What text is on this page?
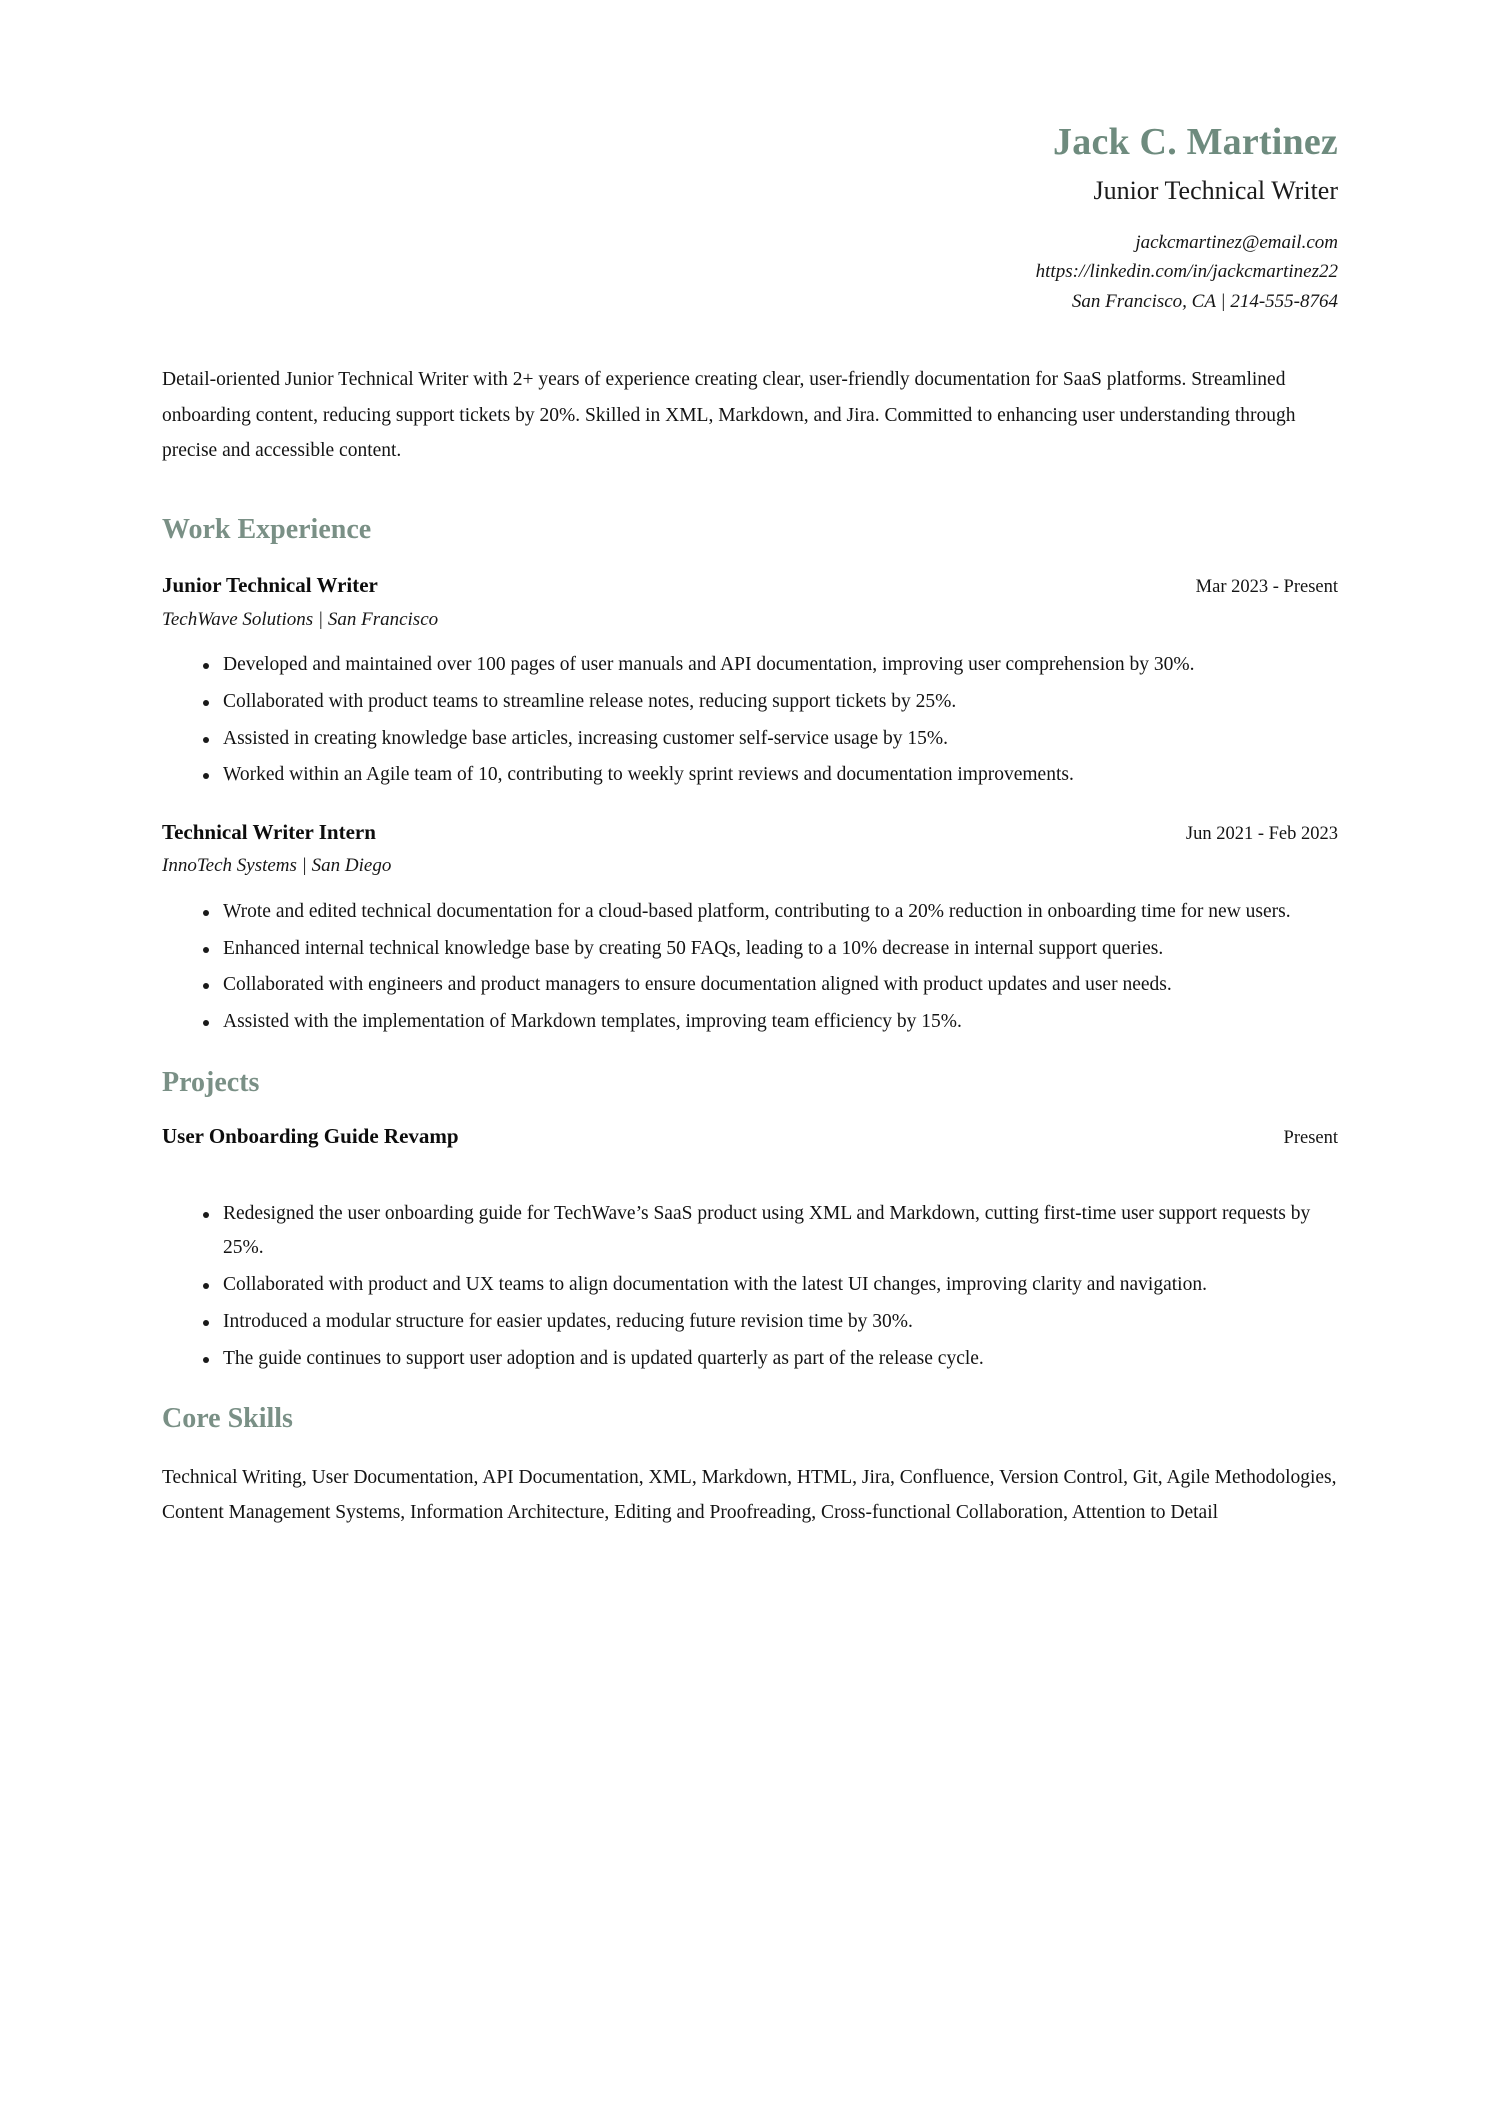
Jack C. Martinez
Junior Technical Writer
jackcmartinez@email.com
https://linkedin.com/in/jackcmartinez22
San Francisco, CA | 214-555-8764

Detail-oriented Junior Technical Writer with 2+ years of experience creating clear, user-friendly documentation for SaaS platforms. Streamlined onboarding content, reducing support tickets by 20%. Skilled in XML, Markdown, and Jira. Committed to enhancing user understanding through precise and accessible content.

Work Experience
Junior Technical Writer	Mar 2023 - Present
TechWave Solutions | San Francisco
Developed and maintained over 100 pages of user manuals and API documentation, improving user comprehension by 30%.
Collaborated with product teams to streamline release notes, reducing support tickets by 25%.
Assisted in creating knowledge base articles, increasing customer self-service usage by 15%.
Worked within an Agile team of 10, contributing to weekly sprint reviews and documentation improvements.
Technical Writer Intern	Jun 2021 - Feb 2023
InnoTech Systems | San Diego
Wrote and edited technical documentation for a cloud-based platform, contributing to a 20% reduction in onboarding time for new users.
Enhanced internal technical knowledge base by creating 50 FAQs, leading to a 10% decrease in internal support queries.
Collaborated with engineers and product managers to ensure documentation aligned with product updates and user needs.
Assisted with the implementation of Markdown templates, improving team efficiency by 15%.
Projects
User Onboarding Guide Revamp	Present
Redesigned the user onboarding guide for TechWave’s SaaS product using XML and Markdown, cutting first-time user support requests by 25%.
Collaborated with product and UX teams to align documentation with the latest UI changes, improving clarity and navigation.
Introduced a modular structure for easier updates, reducing future revision time by 30%.
The guide continues to support user adoption and is updated quarterly as part of the release cycle.
Core Skills

Technical Writing, User Documentation, API Documentation, XML, Markdown, HTML, Jira, Confluence, Version Control, Git, Agile Methodologies, Content Management Systems, Information Architecture, Editing and Proofreading, Cross-functional Collaboration, Attention to Detail
